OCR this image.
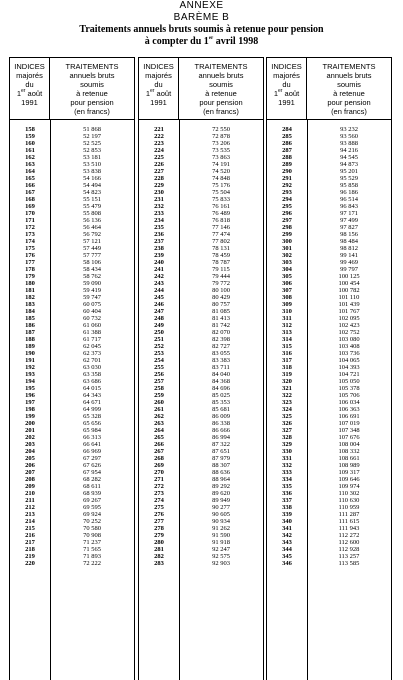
ANNEXE
BARÈME B
Traitements annuels bruts soumis à retenue pour pension
à compter du 1er avril 1998
INDICES
majorés
du
1er août
1991
TRAITEMENTS
annuels bruts
soumis
à retenue
pour pension
(en francs)
158	51 868
159	52 197
160	52 525
161	52 853
162	53 181
163	53 510
164	53 838
165	54 166
166	54 494
167	54 823
168	55 151
169	55 479
170	55 808
171	56 136
172	56 464
173	56 792
174	57 121
175	57 449
176	57 777
177	58 106
178	58 434
179	58 762
180	59 090
181	59 419
182	59 747
183	60 075
184	60 404
185	60 732
186	61 060
187	61 388
188	61 717
189	62 045
190	62 373
191	62 701
192	63 030
193	63 358
194	63 686
195	64 015
196	64 343
197	64 671
198	64 999
199	65 328
200	65 656
201	65 984
202	66 313
203	66 641
204	66 969
205	67 297
206	67 626
207	67 954
208	68 282
209	68 611
210	68 939
211	69 267
212	69 595
213	69 924
214	70 252
215	70 580
216	70 908
217	71 237
218	71 565
219	71 893
220	72 222
INDICES
majorés
du
1er août
1991
TRAITEMENTS
annuels bruts
soumis
à retenue
pour pension
(en francs)
221	72 550
222	72 878
223	73 206
224	73 535
225	73 863
226	74 191
227	74 520
228	74 848
229	75 176
230	75 504
231	75 833
232	76 161
233	76 489
234	76 818
235	77 146
236	77 474
237	77 802
238	78 131
239	78 459
240	78 787
241	79 115
242	79 444
243	79 772
244	80 100
245	80 429
246	80 757
247	81 085
248	81 413
249	81 742
250	82 070
251	82 398
252	82 727
253	83 055
254	83 383
255	83 711
256	84 040
257	84 368
258	84 696
259	85 025
260	85 353
261	85 681
262	86 009
263	86 338
264	86 666
265	86 994
266	87 322
267	87 651
268	87 979
269	88 307
270	88 636
271	88 964
272	89 292
273	89 620
274	89 949
275	90 277
276	90 605
277	90 934
278	91 262
279	91 590
280	91 918
281	92 247
282	92 575
283	92 903
INDICES
majorés
du
1er août
1991
TRAITEMENTS
annuels bruts
soumis
à retenue
pour pension
(en francs)
284	93 232
285	93 560
286	93 888
287	94 216
288	94 545
289	94 873
290	95 201
291	95 529
292	95 858
293	96 186
294	96 514
295	96 843
296	97 171
297	97 499
298	97 827
299	98 156
300	98 484
301	98 812
302	99 141
303	99 469
304	99 797
305	100 125
306	100 454
307	100 782
308	101 110
309	101 439
310	101 767
311	102 095
312	102 423
313	102 752
314	103 080
315	103 408
316	103 736
317	104 065
318	104 393
319	104 721
320	105 050
321	105 378
322	105 706
323	106 034
324	106 363
325	106 691
326	107 019
327	107 348
328	107 676
329	108 004
330	108 332
331	108 661
332	108 989
333	109 317
334	109 646
335	109 974
336	110 302
337	110 630
338	110 959
339	111 287
340	111 615
341	111 943
342	112 272
343	112 600
344	112 928
345	113 257
346	113 585
